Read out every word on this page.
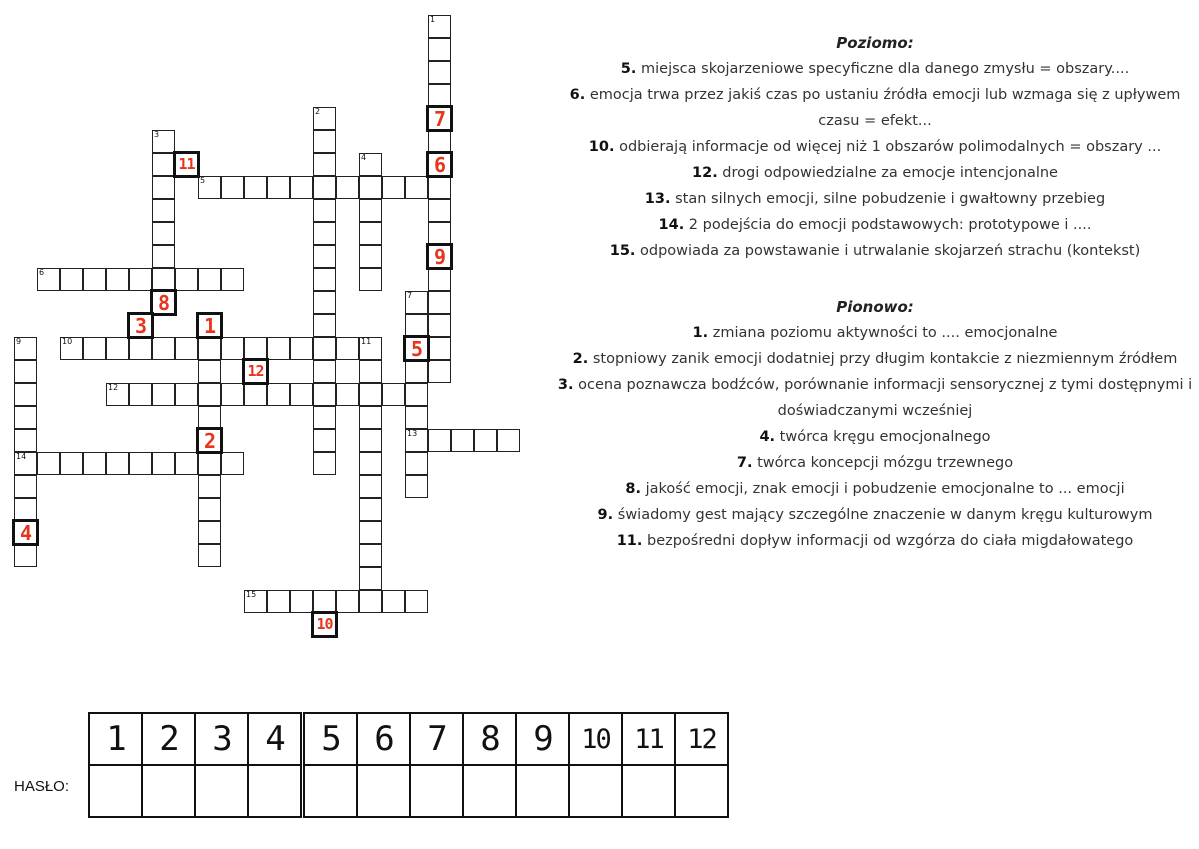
1
2
3
4
5
6
7
13
9
14
10	11
12
15
7
11	6
9
8
3	1
5
12
2
4
10

Poziomo:

5. miejsca skojarzeniowe specyficzne dla danego zmysłu = obszary....

6. emocja trwa przez jakiś czas po ustaniu źródła emocji lub wzmaga się z upływem czasu = efekt...

10. odbierają informacje od więcej niż 1 obszarów polimodalnych = obszary ...

12. drogi odpowiedzialne za emocje intencjonalne

13. stan silnych emocji, silne pobudzenie i gwałtowny przebieg

14. 2 podejścia do emocji podstawowych: prototypowe i ....

15. odpowiada za powstawanie i utrwalanie skojarzeń strachu (kontekst)

Pionowo:

1. zmiana poziomu aktywności to .... emocjonalne

2. stopniowy zanik emocji dodatniej przy długim kontakcie z niezmiennym źródłem

3. ocena poznawcza bodźców, porównanie informacji sensorycznej z tymi dostępnymi i doświadczanymi wcześniej

4. twórca kręgu emocjonalnego

7. twórca koncepcji mózgu trzewnego

8. jakość emocji, znak emocji i pobudzenie emocjonalne to ... emocji

9. świadomy gest mający szczególne znaczenie w danym kręgu kulturowym

11. bezpośredni dopływ informacji od wzgórza do ciała migdałowatego

HASŁO:
1	2	3	4	5	6	7	8	9	10	11	12
